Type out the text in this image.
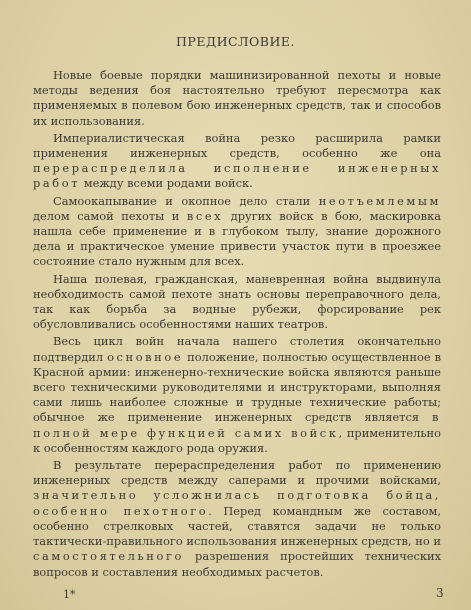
ПРЕДИСЛОВИЕ.

Новые боевые порядки машинизированной пехоты и новые методы ведения боя настоятельно требуют пересмотра как применяемых в полевом бою инженерных средств, так и способов их использования.

Империалистическая война резко расширила рамки применения инженерных средств, особенно же она перераспределила исполнение инженерных работ между всеми родами войск.

Самоокапывание и окопное дело стали неотъемлемым делом самой пехоты и всех других войск в бою, маскировка нашла себе применение и в глубоком тылу, знание дорожного дела и практическое умение привести участок пути в проезжее состояние стало нужным для всех.

Наша полевая, гражданская, маневренная война выдвинула необходимость самой пехоте знать основы переправочного дела, так как борьба за водные рубежи, форсирование рек обусловливались особенностями наших театров.

Весь цикл войн начала нашего столетия окончательно подтвердил основное положение, полностью осуществленное в Красной армии: инженерно-технические войска являются раньше всего техническими руководителями и инструкторами, выполняя сами лишь наиболее сложные и трудные технические работы; обычное же применение инженерных средств является в полной мере функцией самих войск, применительно к особенностям каждого рода оружия.

В результате перераспределения работ по применению инженерных средств между саперами и прочими войсками, значительно усложнилась подготовка бойца, особенно пехотного. Перед командным же составом, особенно стрелковых частей, ставятся задачи не только тактически-правильного использования инженерных средств, но и самостоятельного разрешения простейших технических вопросов и составления необходимых расчетов.

1*	3
